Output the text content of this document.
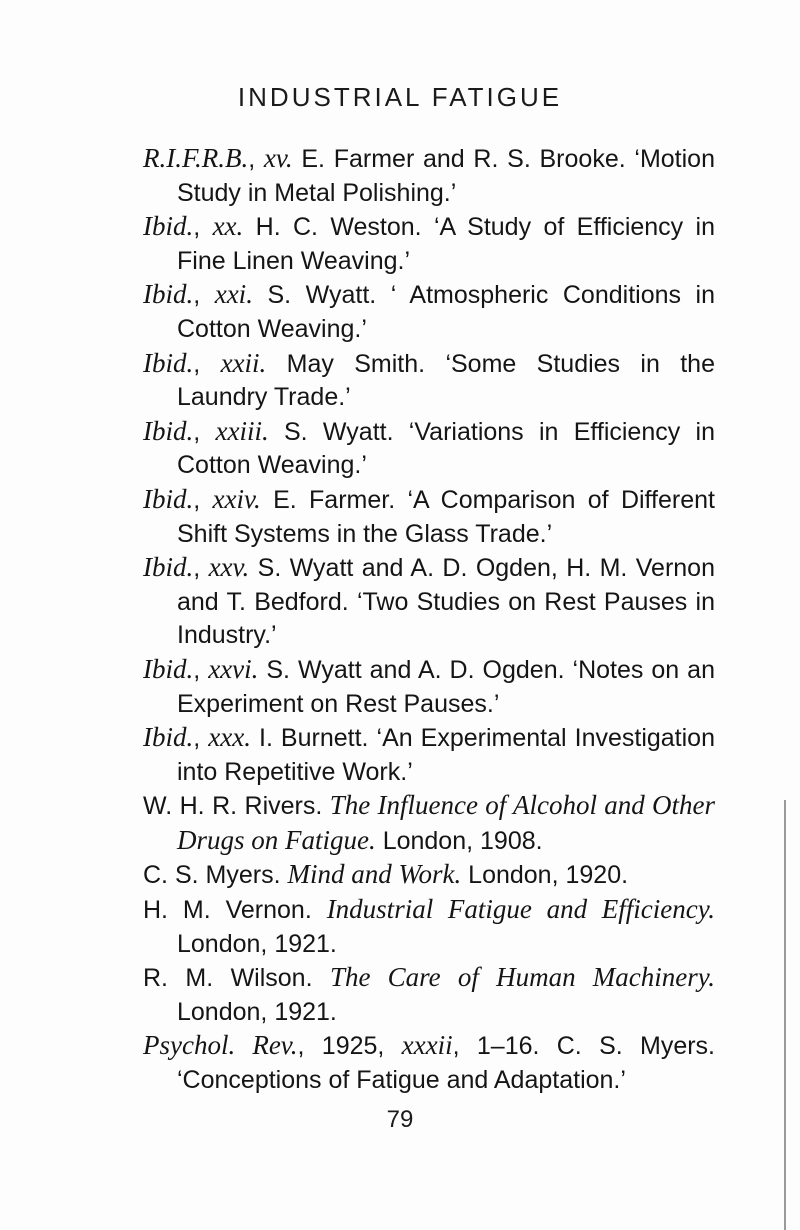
INDUSTRIAL FATIGUE
R.I.F.R.B., xv. E. Farmer and R. S. Brooke. ‘Motion Study in Metal Polishing.’
Ibid., xx. H. C. Weston. ‘A Study of Efficiency in Fine Linen Weaving.’
Ibid., xxi. S. Wyatt. ‘ Atmospheric Conditions in Cotton Weaving.’
Ibid., xxii. May Smith. ‘Some Studies in the Laundry Trade.’
Ibid., xxiii. S. Wyatt. ‘Variations in Efficiency in Cotton Weaving.’
Ibid., xxiv. E. Farmer. ‘A Comparison of Different Shift Systems in the Glass Trade.’
Ibid., xxv. S. Wyatt and A. D. Ogden, H. M. Vernon and T. Bedford. ‘Two Studies on Rest Pauses in Industry.’
Ibid., xxvi. S. Wyatt and A. D. Ogden. ‘Notes on an Experiment on Rest Pauses.’
Ibid., xxx. I. Burnett. ‘An Experimental Investigation into Repetitive Work.’
W. H. R. Rivers. The Influence of Alcohol and Other Drugs on Fatigue. London, 1908.
C. S. Myers. Mind and Work. London, 1920.
H. M. Vernon. Industrial Fatigue and Efficiency. London, 1921.
R. M. Wilson. The Care of Human Machinery. London, 1921.
Psychol. Rev., 1925, xxxii, 1–16. C. S. Myers. ‘Conceptions of Fatigue and Adaptation.’
79
